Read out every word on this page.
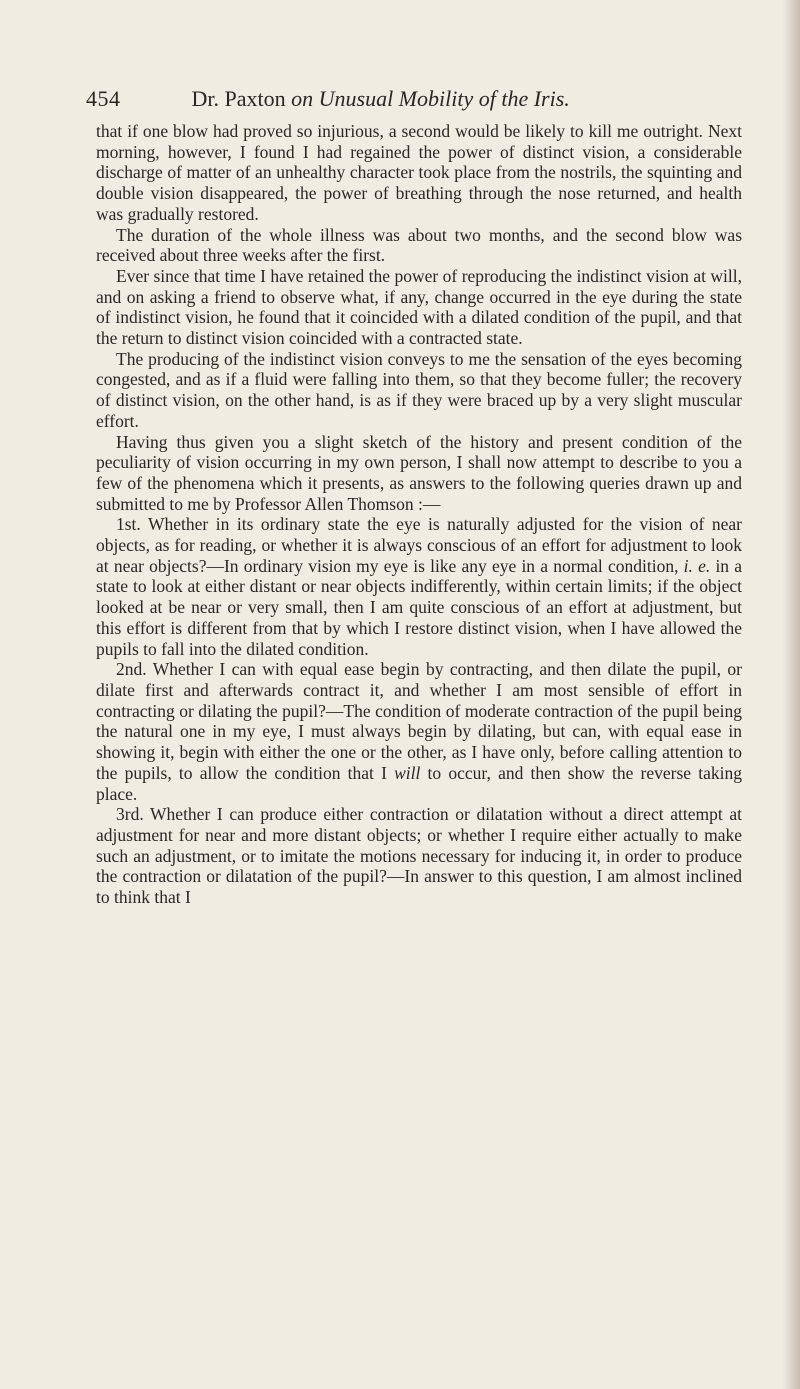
454	Dr. Paxton on Unusual Mobility of the Iris.

that if one blow had proved so injurious, a second would be likely to kill me outright. Next morning, however, I found I had regained the power of distinct vision, a considerable discharge of matter of an unhealthy character took place from the nostrils, the squinting and double vision disappeared, the power of breathing through the nose returned, and health was gradually restored.

The duration of the whole illness was about two months, and the second blow was received about three weeks after the first.

Ever since that time I have retained the power of reproducing the indistinct vision at will, and on asking a friend to observe what, if any, change occurred in the eye during the state of indistinct vision, he found that it coincided with a dilated condition of the pupil, and that the return to distinct vision coincided with a contracted state.

The producing of the indistinct vision conveys to me the sensation of the eyes becoming congested, and as if a fluid were falling into them, so that they become fuller; the recovery of distinct vision, on the other hand, is as if they were braced up by a very slight muscular effort.

Having thus given you a slight sketch of the history and present condition of the peculiarity of vision occurring in my own person, I shall now attempt to describe to you a few of the phenomena which it presents, as answers to the following queries drawn up and submitted to me by Professor Allen Thomson :—

1st. Whether in its ordinary state the eye is naturally adjusted for the vision of near objects, as for reading, or whether it is always conscious of an effort for adjustment to look at near objects?—In ordinary vision my eye is like any eye in a normal condition, i. e. in a state to look at either distant or near objects indifferently, within certain limits; if the object looked at be near or very small, then I am quite conscious of an effort at adjustment, but this effort is different from that by which I restore distinct vision, when I have allowed the pupils to fall into the dilated condition.

2nd. Whether I can with equal ease begin by contracting, and then dilate the pupil, or dilate first and afterwards contract it, and whether I am most sensible of effort in contracting or dilating the pupil?—The condition of moderate contraction of the pupil being the natural one in my eye, I must always begin by dilating, but can, with equal ease in showing it, begin with either the one or the other, as I have only, before calling attention to the pupils, to allow the condition that I will to occur, and then show the reverse taking place.

3rd. Whether I can produce either contraction or dilatation without a direct attempt at adjustment for near and more distant objects; or whether I require either actually to make such an adjustment, or to imitate the motions necessary for inducing it, in order to produce the contraction or dilatation of the pupil?—In answer to this question, I am almost inclined to think that I
